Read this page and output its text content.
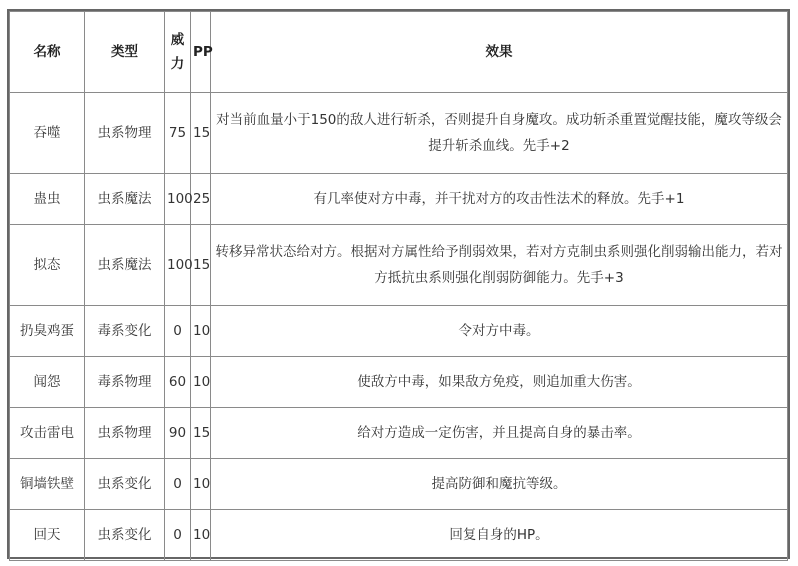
名称	类型	威力	PP	效果
吞噬	虫系物理	75	15	对当前血量小于150的敌人进行斩杀，否则提升自身魔攻。成功斩杀重置觉醒技能，魔攻等级会提升斩杀血线。先手+2
蛊虫	虫系魔法	100	25	有几率使对方中毒，并干扰对方的攻击性法术的释放。先手+1
拟态	虫系魔法	100	15	转移异常状态给对方。根据对方属性给予削弱效果，若对方克制虫系则强化削弱输出能力，若对方抵抗虫系则强化削弱防御能力。先手+3
扔臭鸡蛋	毒系变化	0	10	令对方中毒。
闻怨	毒系物理	60	10	使敌方中毒，如果敌方免疫，则追加重大伤害。
攻击雷电	虫系物理	90	15	给对方造成一定伤害，并且提高自身的暴击率。
铜墙铁壁	虫系变化	0	10	提高防御和魔抗等级。
回天	虫系变化	0	10	回复自身的HP。
